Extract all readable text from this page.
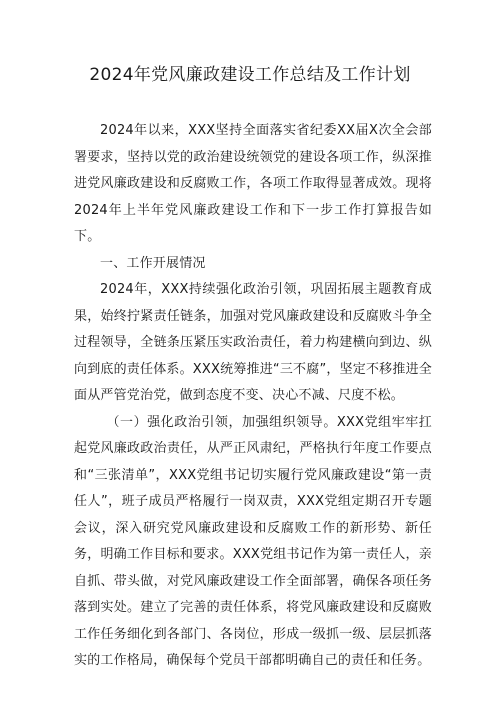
2024年党风廉政建设工作总结及工作计划

2024年以来，XXX坚持全面落实省纪委XX届X次全会部署要求，坚持以党的政治建设统领党的建设各项工作，纵深推进党风廉政建设和反腐败工作，各项工作取得显著成效。现将2024年上半年党风廉政建设工作和下一步工作打算报告如下。

一、工作开展情况

2024年，XXX持续强化政治引领，巩固拓展主题教育成果，始终拧紧责任链条，加强对党风廉政建设和反腐败斗争全过程领导，全链条压紧压实政治责任，着力构建横向到边、纵向到底的责任体系。XXX统筹推进“三不腐”，坚定不移推进全面从严管党治党，做到态度不变、决心不减、尺度不松。

（一）强化政治引领，加强组织领导。XXX党组牢牢扛起党风廉政政治责任，从严正风肃纪，严格执行年度工作要点和“三张清单”，XXX党组书记切实履行党风廉政建设“第一责任人”，班子成员严格履行一岗双责，XXX党组定期召开专题会议，深入研究党风廉政建设和反腐败工作的新形势、新任务，明确工作目标和要求。XXX党组书记作为第一责任人，亲自抓、带头做，对党风廉政建设工作全面部署，确保各项任务落到实处。建立了完善的责任体系，将党风廉政建设和反腐败工作任务细化到各部门、各岗位，形成一级抓一级、层层抓落实的工作格局，确保每个党员干部都明确自己的责任和任务。
